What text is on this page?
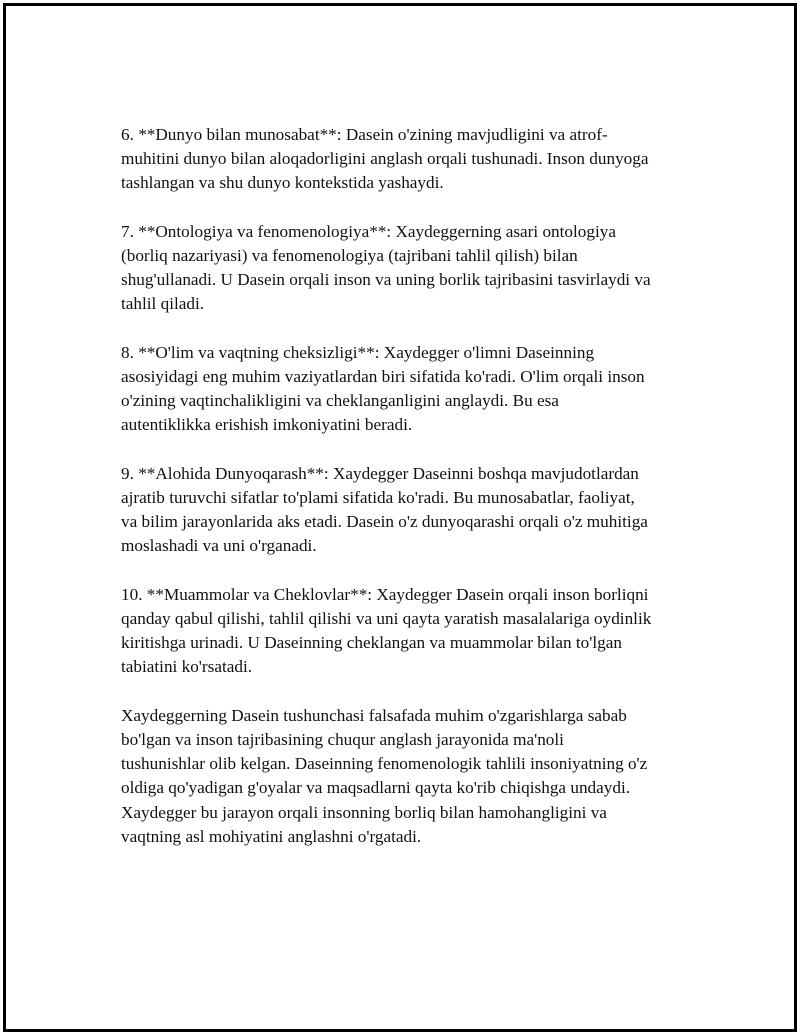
6. **Dunyo bilan munosabat**: Dasein o'zining mavjudligini va atrof-
muhitini dunyo bilan aloqadorligini anglash orqali tushunadi. Inson dunyoga
tashlangan va shu dunyo kontekstida yashaydi.

7. **Ontologiya va fenomenologiya**: Xaydeggerning asari ontologiya
(borliq nazariyasi) va fenomenologiya (tajribani tahlil qilish) bilan
shug'ullanadi. U Dasein orqali inson va uning borlik tajribasini tasvirlaydi va
tahlil qiladi.

8. **O'lim va vaqtning cheksizligi**: Xaydegger o'limni Daseinning
asosiyidagi eng muhim vaziyatlardan biri sifatida ko'radi. O'lim orqali inson
o'zining vaqtinchalikligini va cheklanganligini anglaydi. Bu esa
autentiklikka erishish imkoniyatini beradi.

9. **Alohida Dunyoqarash**: Xaydegger Daseinni boshqa mavjudotlardan
ajratib turuvchi sifatlar to'plami sifatida ko'radi. Bu munosabatlar, faoliyat,
va bilim jarayonlarida aks etadi. Dasein o'z dunyoqarashi orqali o'z muhitiga
moslashadi va uni o'rganadi.

10. **Muammolar va Cheklovlar**: Xaydegger Dasein orqali inson borliqni
qanday qabul qilishi, tahlil qilishi va uni qayta yaratish masalalariga oydinlik
kiritishga urinadi. U Daseinning cheklangan va muammolar bilan to'lgan
tabiatini ko'rsatadi.

Xaydeggerning Dasein tushunchasi falsafada muhim o'zgarishlarga sabab
bo'lgan va inson tajribasining chuqur anglash jarayonida ma'noli
tushunishlar olib kelgan. Daseinning fenomenologik tahlili insoniyatning o'z
oldiga qo'yadigan g'oyalar va maqsadlarni qayta ko'rib chiqishga undaydi.
Xaydegger bu jarayon orqali insonning borliq bilan hamohangligini va
vaqtning asl mohiyatini anglashni o'rgatadi.
